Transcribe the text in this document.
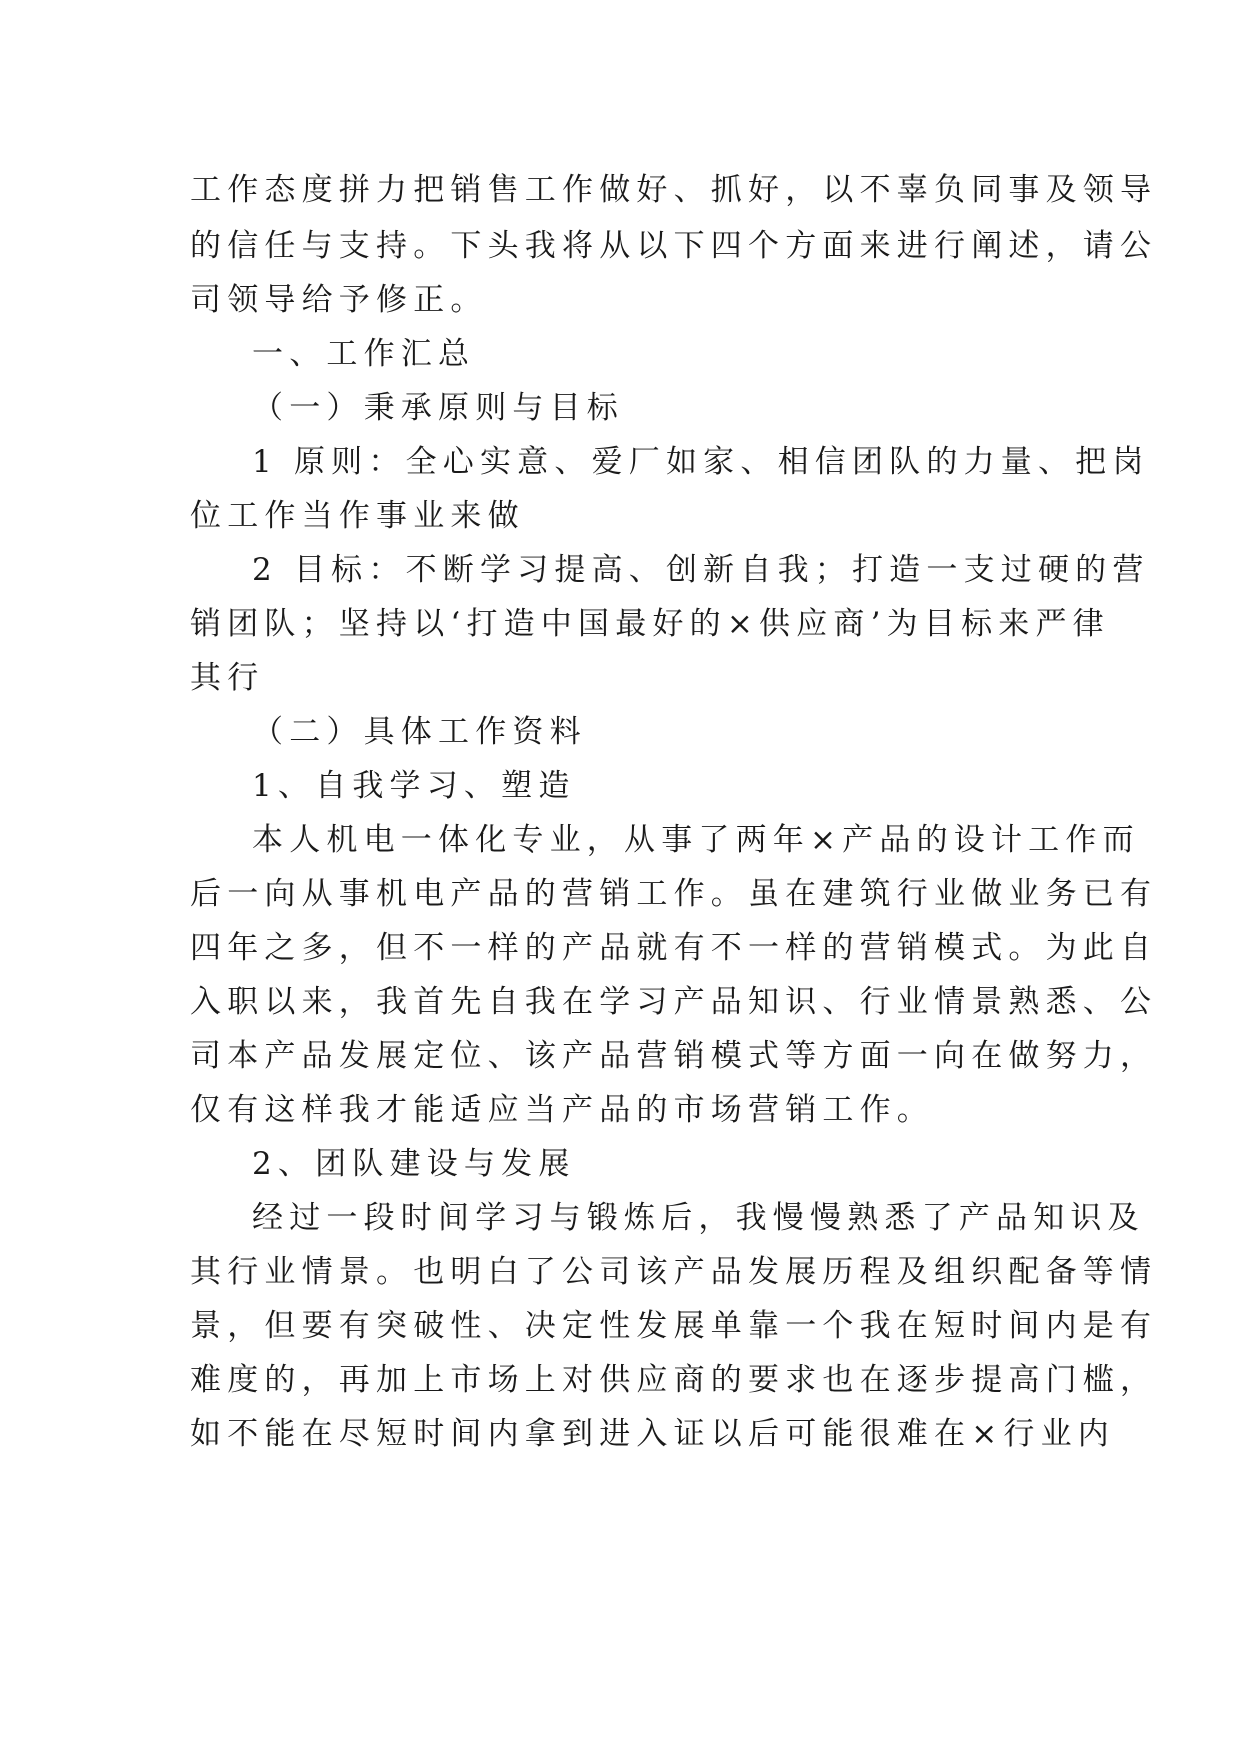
工作态度拼力把销售工作做好、抓好，以不辜负同事及领导
的信任与支持。下头我将从以下四个方面来进行阐述，请公
司领导给予修正。
一、工作汇总
（一）秉承原则与目标
1 原则：全心实意、爱厂如家、相信团队的力量、把岗
位工作当作事业来做
2 目标：不断学习提高、创新自我；打造一支过硬的营
销团队；坚持以‘打造中国最好的×供应商’为目标来严律
其行
（二）具体工作资料
1、自我学习、塑造
本人机电一体化专业，从事了两年×产品的设计工作而
后一向从事机电产品的营销工作。虽在建筑行业做业务已有
四年之多，但不一样的产品就有不一样的营销模式。为此自
入职以来，我首先自我在学习产品知识、行业情景熟悉、公
司本产品发展定位、该产品营销模式等方面一向在做努力，
仅有这样我才能适应当产品的市场营销工作。
2、团队建设与发展
经过一段时间学习与锻炼后，我慢慢熟悉了产品知识及
其行业情景。也明白了公司该产品发展历程及组织配备等情
景，但要有突破性、决定性发展单靠一个我在短时间内是有
难度的，再加上市场上对供应商的要求也在逐步提高门槛，
如不能在尽短时间内拿到进入证以后可能很难在×行业内
